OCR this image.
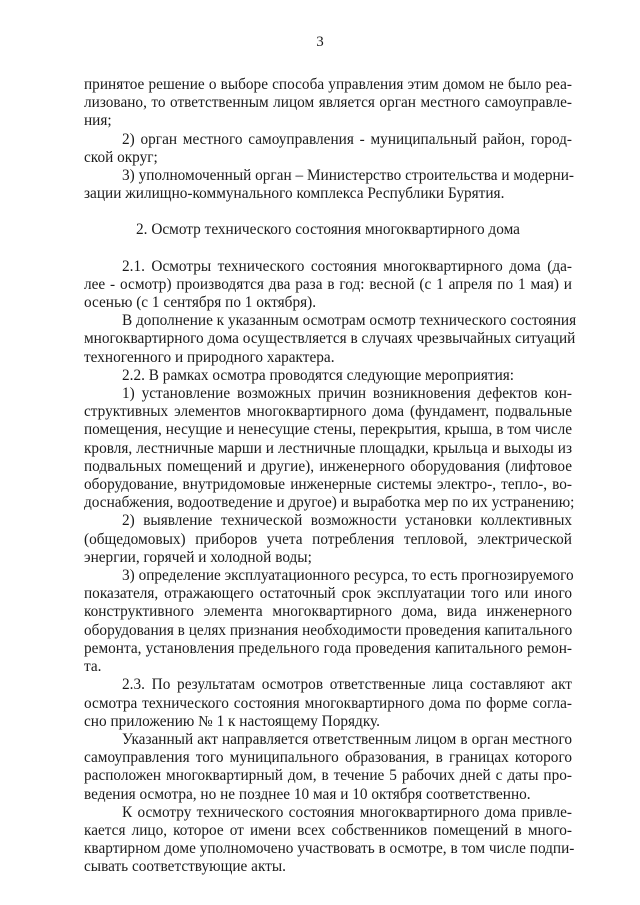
3
принятое решение о выборе способа управления этим домом не было реа-
лизовано, то ответственным лицом является орган местного самоуправле-
ния;
2) орган местного самоуправления - муниципальный район, город-
ской округ;
3) уполномоченный орган – Министерство строительства и модерни-
зации жилищно-коммунального комплекса Республики Бурятия.
2. Осмотр технического состояния многоквартирного дома
2.1. Осмотры технического состояния многоквартирного дома (да-
лее - осмотр) производятся два раза в год: весной (с 1 апреля по 1 мая) и
осенью (с 1 сентября по 1 октября).
В дополнение к указанным осмотрам осмотр технического состояния
многоквартирного дома осуществляется в случаях чрезвычайных ситуаций
техногенного и природного характера.
2.2. В рамках осмотра проводятся следующие мероприятия:
1) установление возможных причин возникновения дефектов кон-
структивных элементов многоквартирного дома (фундамент, подвальные
помещения, несущие и ненесущие стены, перекрытия, крыша, в том числе
кровля, лестничные марши и лестничные площадки, крыльца и выходы из
подвальных помещений и другие), инженерного оборудования (лифтовое
оборудование, внутридомовые инженерные системы электро-, тепло-, во-
доснабжения, водоотведение и другое) и выработка мер по их устранению;
2) выявление технической возможности установки коллективных
(общедомовых) приборов учета потребления тепловой, электрической
энергии, горячей и холодной воды;
3) определение эксплуатационного ресурса, то есть прогнозируемого
показателя, отражающего остаточный срок эксплуатации того или иного
конструктивного элемента многоквартирного дома, вида инженерного
оборудования в целях признания необходимости проведения капитального
ремонта, установления предельного года проведения капитального ремон-
та.
2.3. По результатам осмотров ответственные лица составляют акт
осмотра технического состояния многоквартирного дома по форме согла-
сно приложению № 1 к настоящему Порядку.
Указанный акт направляется ответственным лицом в орган местного
самоуправления того муниципального образования, в границах которого
расположен многоквартирный дом, в течение 5 рабочих дней с даты про-
ведения осмотра, но не позднее 10 мая и 10 октября соответственно.
К осмотру технического состояния многоквартирного дома привле-
кается лицо, которое от имени всех собственников помещений в много-
квартирном доме уполномочено участвовать в осмотре, в том числе подпи-
сывать соответствующие акты.
